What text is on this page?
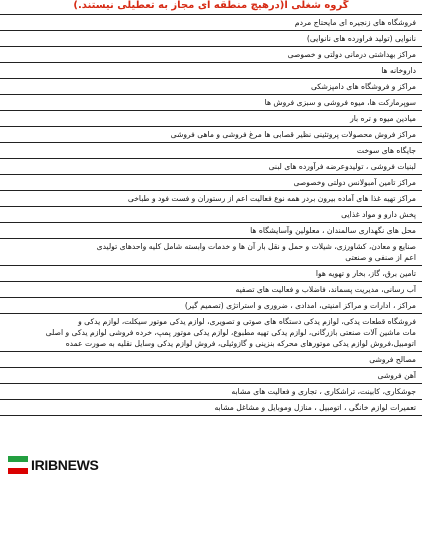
گروه شغلی ا(درهیچ منطقه ای مجاز به تعطیلی نیستند.)
فروشگاه های زنجیره ای مایحتاج مردم
نانوایی (تولید فراورده های نانوایی)
مراکز بهداشتی درمانی دولتی و خصوصی
داروخانه ها
مراکز و فروشگاه های دامپزشکی
سوپرمارکت ها، میوه فروشی و سبزی فروش ها
میادین میوه و تره بار
مراکز فروش محصولات پروتئینی نظیر قصابی ها مرغ فروشی و ماهی فروشی
جایگاه های سوخت
لبنیات فروشی ، تولیدوعرضه فرآورده های لبنی
مراکز تامین آمبولانس دولتی وخصوصی
مراکز تهیه غذا های آماده بیرون بردر همه نوع فعالیت اعم از رستوران و فست فود و طباخی
پخش دارو و مواد غذایی
محل های نگهداری سالمندان ، معلولین وآسایشگاه ها
صنایع و معادن، کشاورزی، شیلات و حمل و نقل بار آن ها و خدمات وابسته شامل کلیه واحدهای تولیدی
اعم از صنفی و صنعتی
تامین برق، گاز، بخار و تهویه هوا
آب رسانی، مدیریت پسماند، فاضلاب و فعالیت های تصفیه
مراکز ، ادارات و مراکز امنیتی، امدادی ، ضروری و استراتژی (تصمیم گیر)
فروشگاه قطعات یدکی، لوازم یدکی دستگاه های صوتی و تصویری، لوازم یدکی موتور سیکلت، لوازم یدکی و
مات ماشین آلات صنعتی بازرگانی، لوازم یدکی تهیه مطبوع، لوازم یدکی موتور پمپ، خرده فروشی لوازم یدکی و اصلی
اتومبیل،فروش لوازم یدکی موتورهای محرکه بنزینی و گازوئیلی، فروش لوازم یدکی وسایل نقلیه به صورت عمده
مصالح فروشی
آهن فروشی
جوشکاری، کابینت، تراشکاری ، تجاری و فعالیت های مشابه
تعمیرات لوازم خانگی ، اتومبیل ، منازل وموبایل و مشاغل مشابه
IRIBNEWS
